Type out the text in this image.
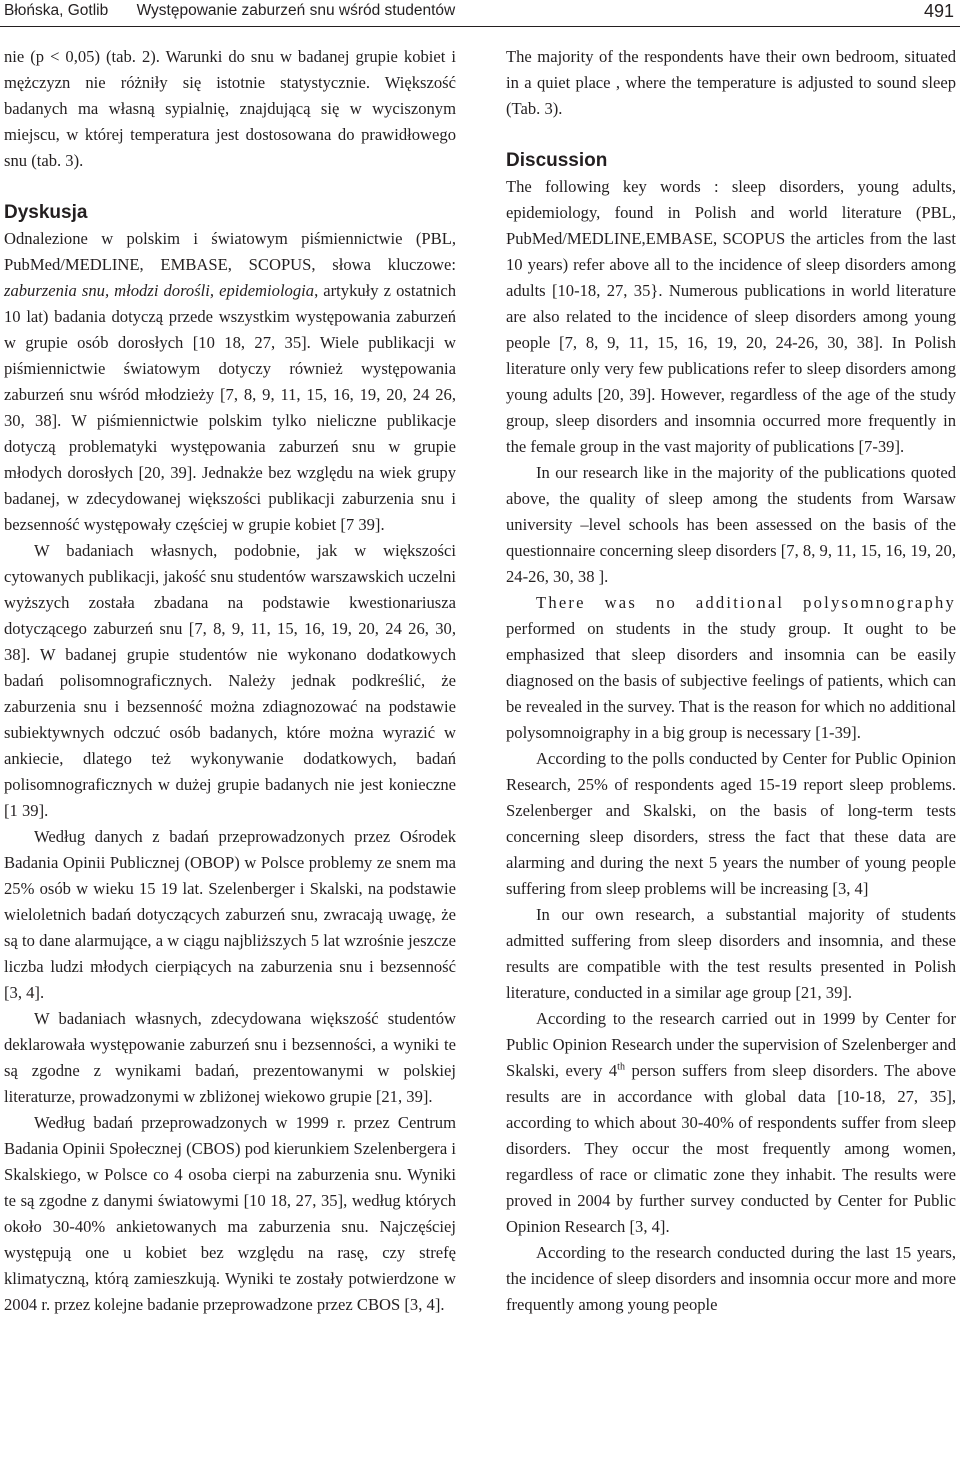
Błońska, Gotlib Występowanie zaburzeń snu wśród studentów	491

nie (p < 0,05) (tab. 2). Warunki do snu w badanej grupie kobiet i mężczyzn nie różniły się istotnie statystycznie. Większość badanych ma własną sypialnię, znajdującą się w wyciszonym miejscu, w której temperatura jest dostosowana do prawidłowego snu (tab. 3).

Dyskusja

Odnalezione w polskim i światowym piśmiennictwie (PBL, PubMed/MEDLINE, EMBASE, SCOPUS, słowa kluczowe: zaburzenia snu, młodzi dorośli, epidemiologia, artykuły z ostatnich 10 lat) badania dotyczą przede wszystkim występowania zaburzeń w grupie osób dorosłych [10 18, 27, 35]. Wiele publikacji w piśmiennictwie światowym dotyczy również występowania zaburzeń snu wśród młodzieży [7, 8, 9, 11, 15, 16, 19, 20, 24 26, 30, 38]. W piśmiennictwie polskim tylko nieliczne publikacje dotyczą problematyki występowania zaburzeń snu w grupie młodych dorosłych [20, 39]. Jednakże bez względu na wiek grupy badanej, w zdecydowanej większości publikacji zaburzenia snu i bezsenność występowały częściej w grupie kobiet [7 39].

W badaniach własnych, podobnie, jak w większości cytowanych publikacji, jakość snu studentów warszawskich uczelni wyższych została zbadana na podstawie kwestionariusza dotyczącego zaburzeń snu [7, 8, 9, 11, 15, 16, 19, 20, 24 26, 30, 38]. W badanej grupie studentów nie wykonano dodatkowych badań polisomnograficznych. Należy jednak podkreślić, że zaburzenia snu i bezsenność można zdiagnozować na podstawie subiektywnych odczuć osób badanych, które można wyrazić w ankiecie, dlatego też wykonywanie dodatkowych, badań polisomnograficznych w dużej grupie badanych nie jest konieczne [1 39].

Według danych z badań przeprowadzonych przez Ośrodek Badania Opinii Publicznej (OBOP) w Polsce problemy ze snem ma 25% osób w wieku 15 19 lat. Szelenberger i Skalski, na podstawie wieloletnich badań dotyczących zaburzeń snu, zwracają uwagę, że są to dane alarmujące, a w ciągu najbliższych 5 lat wzrośnie jeszcze liczba ludzi młodych cierpiących na zaburzenia snu i bezsenność [3, 4].

W badaniach własnych, zdecydowana większość studentów deklarowała występowanie zaburzeń snu i bezsenności, a wyniki te są zgodne z wynikami badań, prezentowanymi w polskiej literaturze, prowadzonymi w zbliżonej wiekowo grupie [21, 39].

Według badań przeprowadzonych w 1999 r. przez Centrum Badania Opinii Społecznej (CBOS) pod kierunkiem Szelenbergera i Skalskiego, w Polsce co 4 osoba cierpi na zaburzenia snu. Wyniki te są zgodne z danymi światowymi [10 18, 27, 35], według których około 30-40% ankietowanych ma zaburzenia snu. Najczęściej występują one u kobiet bez względu na rasę, czy strefę klimatyczną, którą zamieszkują. Wyniki te zostały potwierdzone w 2004 r. przez kolejne badanie przeprowadzone przez CBOS [3, 4].

The majority of the respondents have their own bedroom, situated in a quiet place , where the temperature is adjusted to sound sleep (Tab. 3).

Discussion

The following key words : sleep disorders, young adults, epidemiology, found in Polish and world literature (PBL, PubMed/MEDLINE,EMBASE, SCOPUS the articles from the last 10 years) refer above all to the incidence of sleep disorders among adults [10-18, 27, 35}. Numerous publications in world literature are also related to the incidence of sleep disorders among young people [7, 8, 9, 11, 15, 16, 19, 20, 24-26, 30, 38]. In Polish literature only very few publications refer to sleep disorders among young adults [20, 39]. However, regardless of the age of the study group, sleep disorders and insomnia occurred more frequently in the female group in the vast majority of publications [7-39].

In our research like in the majority of the publications quoted above, the quality of sleep among the students from Warsaw university –level schools has been assessed on the basis of the questionnaire concerning sleep disorders [7, 8, 9, 11, 15, 16, 19, 20, 24-26, 30, 38 ].

There was no additional polysomnography performed on students in the study group. It ought to be emphasized that sleep disorders and insomnia can be easily diagnosed on the basis of subjective feelings of patients, which can be revealed in the survey. That is the reason for which no additional polysomnoigraphy in a big group is necessary [1-39].

According to the polls conducted by Center for Public Opinion Research, 25% of respondents aged 15-19 report sleep problems. Szelenberger and Skalski, on the basis of long-term tests concerning sleep disorders, stress the fact that these data are alarming and during the next 5 years the number of young people suffering from sleep problems will be increasing [3, 4]

In our own research, a substantial majority of students admitted suffering from sleep disorders and insomnia, and these results are compatible with the test results presented in Polish literature, conducted in a similar age group [21, 39].

According to the research carried out in 1999 by Center for Public Opinion Research under the supervision of Szelenberger and Skalski, every 4th person suffers from sleep disorders. The above results are in accordance with global data [10-18, 27, 35], according to which about 30-40% of respondents suffer from sleep disorders. They occur the most frequently among women, regardless of race or climatic zone they inhabit. The results were proved in 2004 by further survey conducted by Center for Public Opinion Research [3, 4].

According to the research conducted during the last 15 years, the incidence of sleep disorders and insomnia occur more and more frequently among young people
